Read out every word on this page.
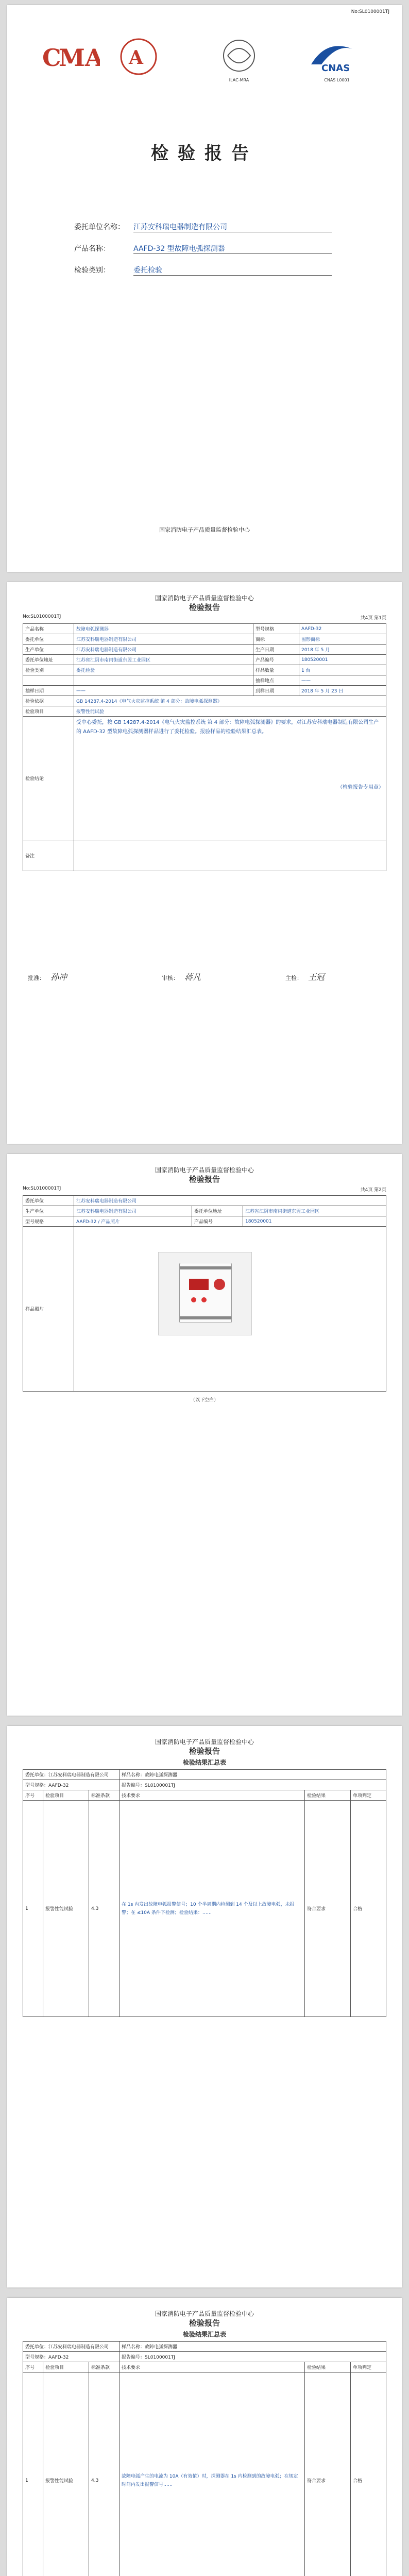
No:SL0100001TJ
C
MA A
ILAC-MRA
CNAS
CNAS L0001
检验报告
委托单位名称：	江苏安科瑞电器制造有限公司
产品名称：	AAFD-32 型故障电弧探测器
检验类别：	委托检验
国家消防电子产品质量监督检验中心
国家消防电子产品质量监督检验中心
检验报告
No:SL0100001TJ	共4页 第1页
产品名称	故障电弧探测器	型号规格	AAFD-32
委托单位	江苏安科瑞电器制造有限公司	商标	图形商标
生产单位	江苏安科瑞电器制造有限公司	生产日期	2018 年 5 月
委托单位地址	江苏省江阴市南闸街道东盟工业园区	产品编号	180520001
检验类别	委托检验	样品数量	1 台
		抽样地点	——
抽样日期	——	到样日期	2018 年 5 月 23 日
检验依据	GB 14287.4-2014《电气火灾监控系统 第 4 部分：故障电弧探测器》		
检验项目	报警性能试验		
检验结论	受中心委托，按 GB 14287.4-2014《电气火灾监控系统 第 4 部分：故障电弧探测器》的要求，对江苏安科瑞电器制造有限公司生产的 AAFD-32 型故障电弧探测器样品进行了委托检验。报验样品的检验结果汇总表。
（检验报告专用章）		

备注			
批准： 孙冲	审核： 蒋凡	主检： 王冠
国家消防电子产品质量监督检验中心
检验报告
No:SL0100001TJ	共4页 第2页
委托单位	江苏安科瑞电器制造有限公司		
生产单位	江苏安科瑞电器制造有限公司	委托单位地址	江苏省江阴市南闸街道东盟工业园区
型号规格	AAFD-32 / 产品照片	产品编号	180520001
样品照片			
（以下空白）
国家消防电子产品质量监督检验中心
检验报告
检验结果汇总表
委托单位：江苏安科瑞电器制造有限公司			样品名称：故障电弧探测器		
型号规格：AAFD-32			报告编号：SL0100001TJ		
序号	检验项目	标准条款	技术要求	检验结果	单项判定
1	报警性能试验	4.3	在 1s 内发出故障电弧报警信号；10 个半周期内检测到 14 个及以上故障电弧，未报警；在 ≤10A 条件下检测；检验结果：……	符合要求	合格
国家消防电子产品质量监督检验中心
检验报告
检验结果汇总表
委托单位：江苏安科瑞电器制造有限公司			样品名称：故障电弧探测器		
型号规格：AAFD-32			报告编号：SL0100001TJ		
序号	检验项目	标准条款	技术要求	检验结果	单项判定
1	报警性能试验	4.3	故障电弧产生的电流为 10A（有效值）时，探测器在 1s 内检测到的故障电弧；在规定时间内发出报警信号……	符合要求	合格
